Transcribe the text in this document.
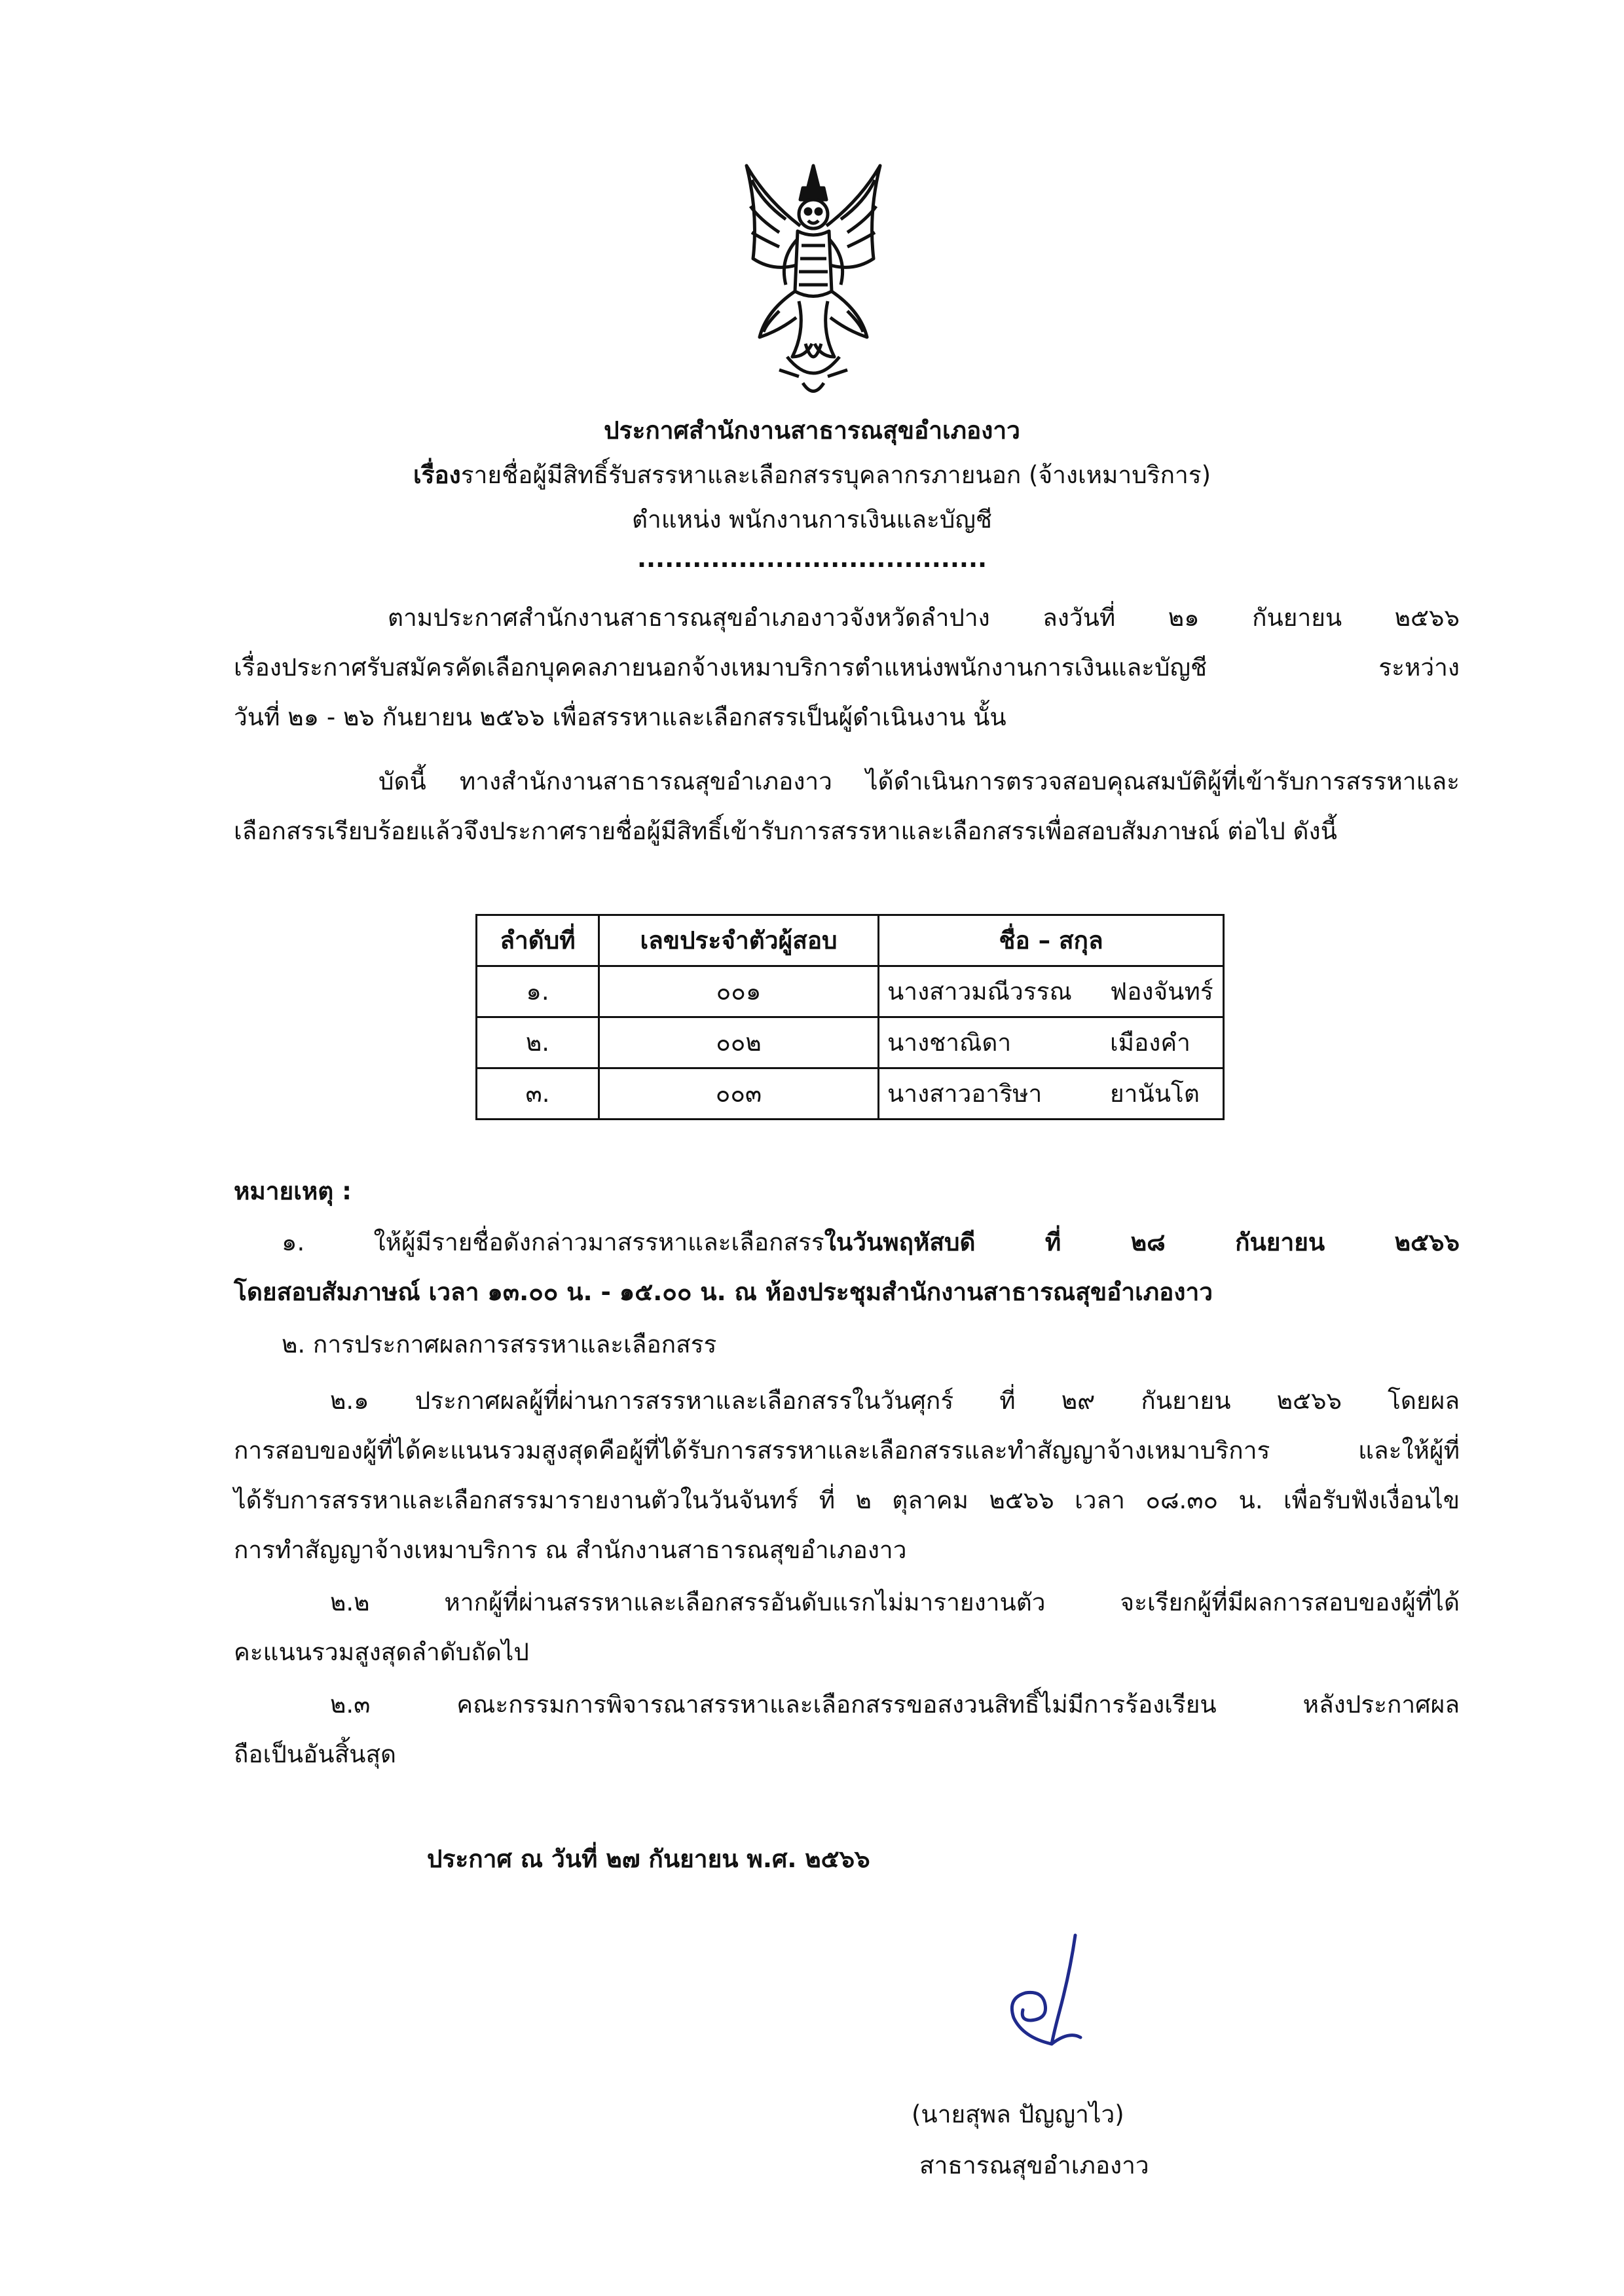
ประกาศสำนักงานสาธารณสุขอำเภองาว
เรื่องรายชื่อผู้มีสิทธิ์รับสรรหาและเลือกสรรบุคลากรภายนอก (จ้างเหมาบริการ)
ตำแหน่ง พนักงานการเงินและบัญชี
......................................
ตามประกาศสำนักงานสาธารณสุขอำเภองาวจังหวัดลำปาง ลงวันที่ ๒๑ กันยายน ๒๕๖๖
เรื่องประกาศรับสมัครคัดเลือกบุคคลภายนอกจ้างเหมาบริการตำแหน่งพนักงานการเงินและบัญชี ระหว่าง
วันที่ ๒๑ - ๒๖ กันยายน ๒๕๖๖ เพื่อสรรหาและเลือกสรรเป็นผู้ดำเนินงาน นั้น
บัดนี้ ทางสำนักงานสาธารณสุขอำเภองาว ได้ดำเนินการตรวจสอบคุณสมบัติผู้ที่เข้ารับการสรรหาและ
เลือกสรรเรียบร้อยแล้วจึงประกาศรายชื่อผู้มีสิทธิ์เข้ารับการสรรหาและเลือกสรรเพื่อสอบสัมภาษณ์ ต่อไป ดังนี้
ลำดับที่	เลขประจำตัวผู้สอบ	ชื่อ – สกุล
๑.	๐๐๑	นางสาวมณีวรรณ ฟองจันทร์
๒.	๐๐๒	นางชาณิดา เมืองคำ
๓.	๐๐๓	นางสาวอาริษา ยานันโต
หมายเหตุ :
๑. ให้ผู้มีรายชื่อดังกล่าวมาสรรหาและเลือกสรรในวันพฤหัสบดี ที่ ๒๘ กันยายน ๒๕๖๖
โดยสอบสัมภาษณ์ เวลา ๑๓.๐๐ น. - ๑๕.๐๐ น. ณ ห้องประชุมสำนักงานสาธารณสุขอำเภองาว
๒. การประกาศผลการสรรหาและเลือกสรร
๒.๑ ประกาศผลผู้ที่ผ่านการสรรหาและเลือกสรรในวันศุกร์ ที่ ๒๙ กันยายน ๒๕๖๖ โดยผล
การสอบของผู้ที่ได้คะแนนรวมสูงสุดคือผู้ที่ได้รับการสรรหาและเลือกสรรและทำสัญญาจ้างเหมาบริการ และให้ผู้ที่
ได้รับการสรรหาและเลือกสรรมารายงานตัวในวันจันทร์ ที่ ๒ ตุลาคม ๒๕๖๖ เวลา ๐๘.๓๐ น. เพื่อรับฟังเงื่อนไข
การทำสัญญาจ้างเหมาบริการ ณ สำนักงานสาธารณสุขอำเภองาว
๒.๒ หากผู้ที่ผ่านสรรหาและเลือกสรรอันดับแรกไม่มารายงานตัว จะเรียกผู้ที่มีผลการสอบของผู้ที่ได้
คะแนนรวมสูงสุดลำดับถัดไป
๒.๓ คณะกรรมการพิจารณาสรรหาและเลือกสรรขอสงวนสิทธิ์ไม่มีการร้องเรียน หลังประกาศผล
ถือเป็นอันสิ้นสุด
ประกาศ ณ วันที่ ๒๗ กันยายน พ.ศ. ๒๕๖๖
(นายสุพล ปัญญาไว)
สาธารณสุขอำเภองาว
